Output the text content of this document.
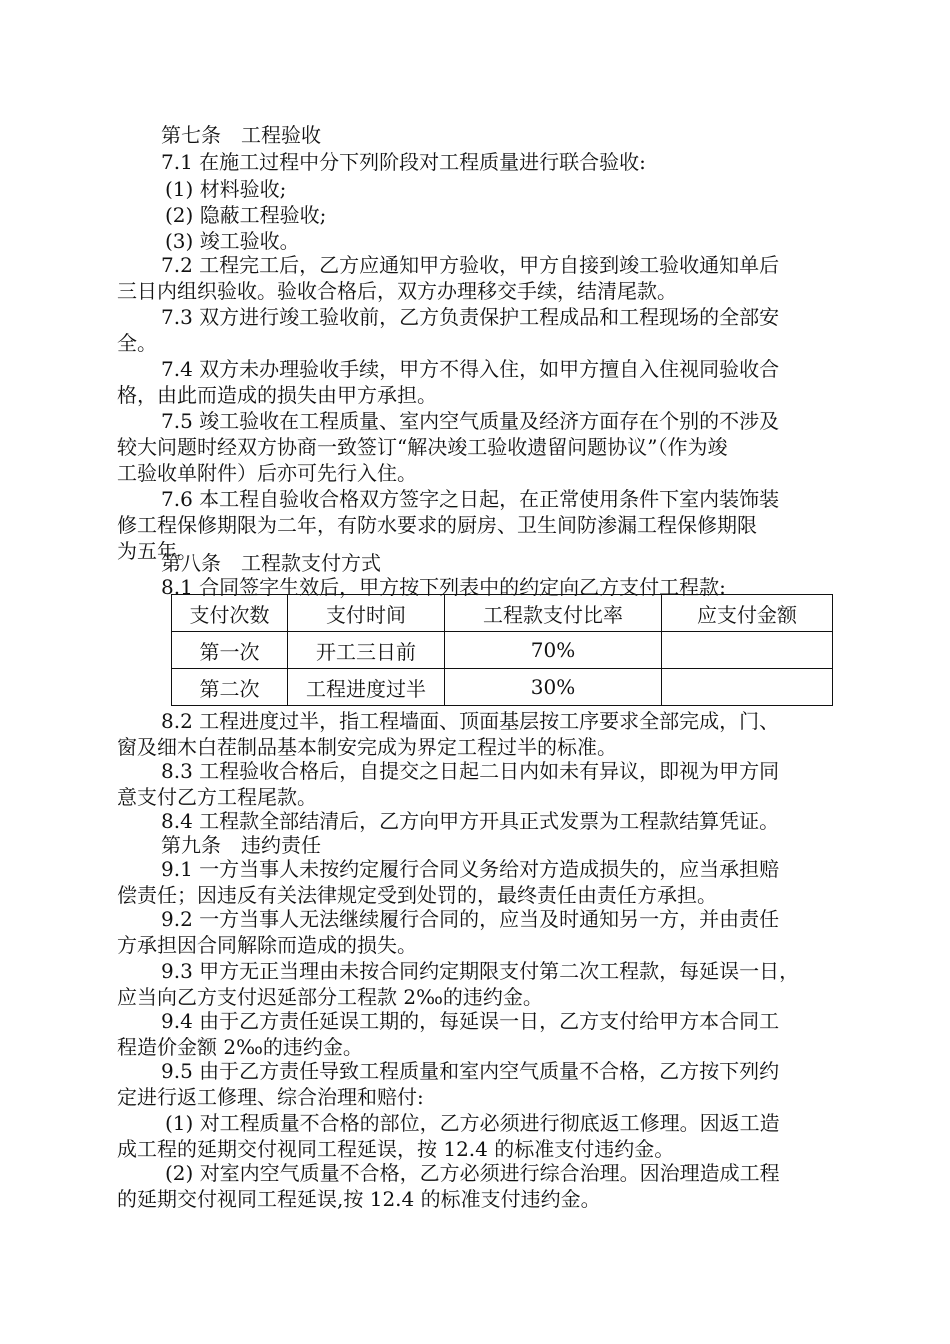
第七条　工程验收
7.1 在施工过程中分下列阶段对工程质量进行联合验收:
(1) 材料验收;
(2) 隐蔽工程验收;
(3) 竣工验收。
7.2 工程完工后，乙方应通知甲方验收，甲方自接到竣工验收通知单后
三日内组织验收。验收合格后，双方办理移交手续，结清尾款。
7.3 双方进行竣工验收前，乙方负责保护工程成品和工程现场的全部安
全。
7.4 双方未办理验收手续，甲方不得入住，如甲方擅自入住视同验收合
格，由此而造成的损失由甲方承担。
7.5 竣工验收在工程质量、室内空气质量及经济方面存在个别的不涉及
较大问题时经双方协商一致签订“解决竣工验收遗留问题协议”（作为竣
工验收单附件）后亦可先行入住。
7.6 本工程自验收合格双方签字之日起，在正常使用条件下室内装饰装
修工程保修期限为二年，有防水要求的厨房、卫生间防渗漏工程保修期限
为五年。
第八条　工程款支付方式
8.1 合同签字生效后，甲方按下列表中的约定向乙方支付工程款:
支付次数	支付时间	工程款支付比率	应支付金额
第一次	开工三日前	70%	
第二次	工程进度过半	30%	
8.2 工程进度过半，指工程墙面、顶面基层按工序要求全部完成，门、
窗及细木白茬制品基本制安完成为界定工程过半的标准。
8.3 工程验收合格后，自提交之日起二日内如未有异议，即视为甲方同
意支付乙方工程尾款。
8.4 工程款全部结清后，乙方向甲方开具正式发票为工程款结算凭证。
第九条　违约责任
9.1 一方当事人未按约定履行合同义务给对方造成损失的，应当承担赔
偿责任；因违反有关法律规定受到处罚的，最终责任由责任方承担。
9.2 一方当事人无法继续履行合同的，应当及时通知另一方，并由责任
方承担因合同解除而造成的损失。
9.3 甲方无正当理由未按合同约定期限支付第二次工程款，每延误一日，
应当向乙方支付迟延部分工程款 2‰的违约金。
9.4 由于乙方责任延误工期的，每延误一日，乙方支付给甲方本合同工
程造价金额 2‰的违约金。
9.5 由于乙方责任导致工程质量和室内空气质量不合格，乙方按下列约
定进行返工修理、综合治理和赔付:
(1) 对工程质量不合格的部位，乙方必须进行彻底返工修理。因返工造
成工程的延期交付视同工程延误，按 12.4 的标准支付违约金。
(2) 对室内空气质量不合格，乙方必须进行综合治理。因治理造成工程
的延期交付视同工程延误,按 12.4 的标准支付违约金。
